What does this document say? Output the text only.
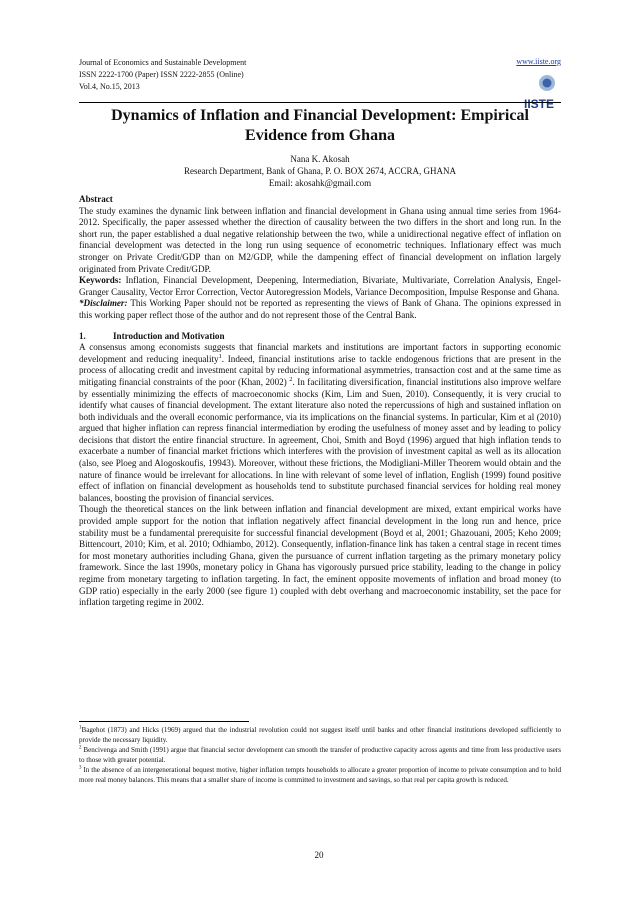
Journal of Economics and Sustainable Development
ISSN 2222-1700 (Paper) ISSN 2222-2855 (Online)
Vol.4, No.15, 2013
www.iiste.org
IISTE
Dynamics of Inflation and Financial Development: Empirical Evidence from Ghana
Nana K. Akosah
Research Department, Bank of Ghana, P. O. BOX 2674, ACCRA, GHANA
Email: akosahk@gmail.com

Abstract

The study examines the dynamic link between inflation and financial development in Ghana using annual time series from 1964-2012. Specifically, the paper assessed whether the direction of causality between the two differs in the short and long run. In the short run, the paper established a dual negative relationship between the two, while a unidirectional negative effect of inflation on financial development was detected in the long run using sequence of econometric techniques. Inflationary effect was much stronger on Private Credit/GDP than on M2/GDP, while the dampening effect of financial development on inflation largely originated from Private Credit/GDP.

Keywords: Inflation, Financial Development, Deepening, Intermediation, Bivariate, Multivariate, Correlation Analysis, Engel-Granger Causality, Vector Error Correction, Vector Autoregression Models, Variance Decomposition, Impulse Response and Ghana.

*Disclaimer: This Working Paper should not be reported as representing the views of Bank of Ghana. The opinions expressed in this working paper reflect those of the author and do not represent those of the Central Bank.

1.	Introduction and Motivation

A consensus among economists suggests that financial markets and institutions are important factors in supporting economic development and reducing inequality$^1$. Indeed, financial institutions arise to tackle endogenous frictions that are present in the process of allocating credit and investment capital by reducing informational asymmetries, transaction cost and at the same time as mitigating financial constraints of the poor (Khan, 2002) $^2$. In facilitating diversification, financial institutions also improve welfare by essentially minimizing the effects of macroeconomic shocks (Kim, Lim and Suen, 2010). Consequently, it is very crucial to identify what causes of financial development. The extant literature also noted the repercussions of high and sustained inflation on both individuals and the overall economic performance, via its implications on the financial systems. In particular, Kim et al (2010) argued that higher inflation can repress financial intermediation by eroding the usefulness of money asset and by leading to policy decisions that distort the entire financial structure. In agreement, Choi, Smith and Boyd (1996) argued that high inflation tends to exacerbate a number of financial market frictions which interferes with the provision of investment capital as well as its allocation (also, see Ploeg and Alogoskoufis, 19943). Moreover, without these frictions, the Modigliani-Miller Theorem would obtain and the nature of finance would be irrelevant for allocations. In line with relevant of some level of inflation, English (1999) found positive effect of inflation on financial development as households tend to substitute purchased financial services for holding real money balances, boosting the provision of financial services.

Though the theoretical stances on the link between inflation and financial development are mixed, extant empirical works have provided ample support for the notion that inflation negatively affect financial development in the long run and hence, price stability must be a fundamental prerequisite for successful financial development (Boyd et al, 2001; Ghazouani, 2005; Keho 2009; Bittencourt, 2010; Kim, et al. 2010; Odhiambo, 2012). Consequently, inflation-finance link has taken a central stage in recent times for most monetary authorities including Ghana, given the pursuance of current inflation targeting as the primary monetary policy framework. Since the last 1990s, monetary policy in Ghana has vigorously pursued price stability, leading to the change in policy regime from monetary targeting to inflation targeting. In fact, the eminent opposite movements of inflation and broad money (to GDP ratio) especially in the early 2000 (see figure 1) coupled with debt overhang and macroeconomic instability, set the pace for inflation targeting regime in 2002.

$^1$Bagehot (1873) and Hicks (1969) argued that the industrial revolution could not suggest itself until banks and other financial institutions developed sufficiently to provide the necessary liquidity.

$^2$ Bencivenga and Smith (1991) argue that financial sector development can smooth the transfer of productive capacity across agents and time from less productive users to those with greater potential.

$^3$ In the absence of an intergenerational bequest motive, higher inflation tempts households to allocate a greater proportion of income to private consumption and to hold more real money balances. This means that a smaller share of income is committed to investment and savings, so that real per capita growth is reduced.

20
